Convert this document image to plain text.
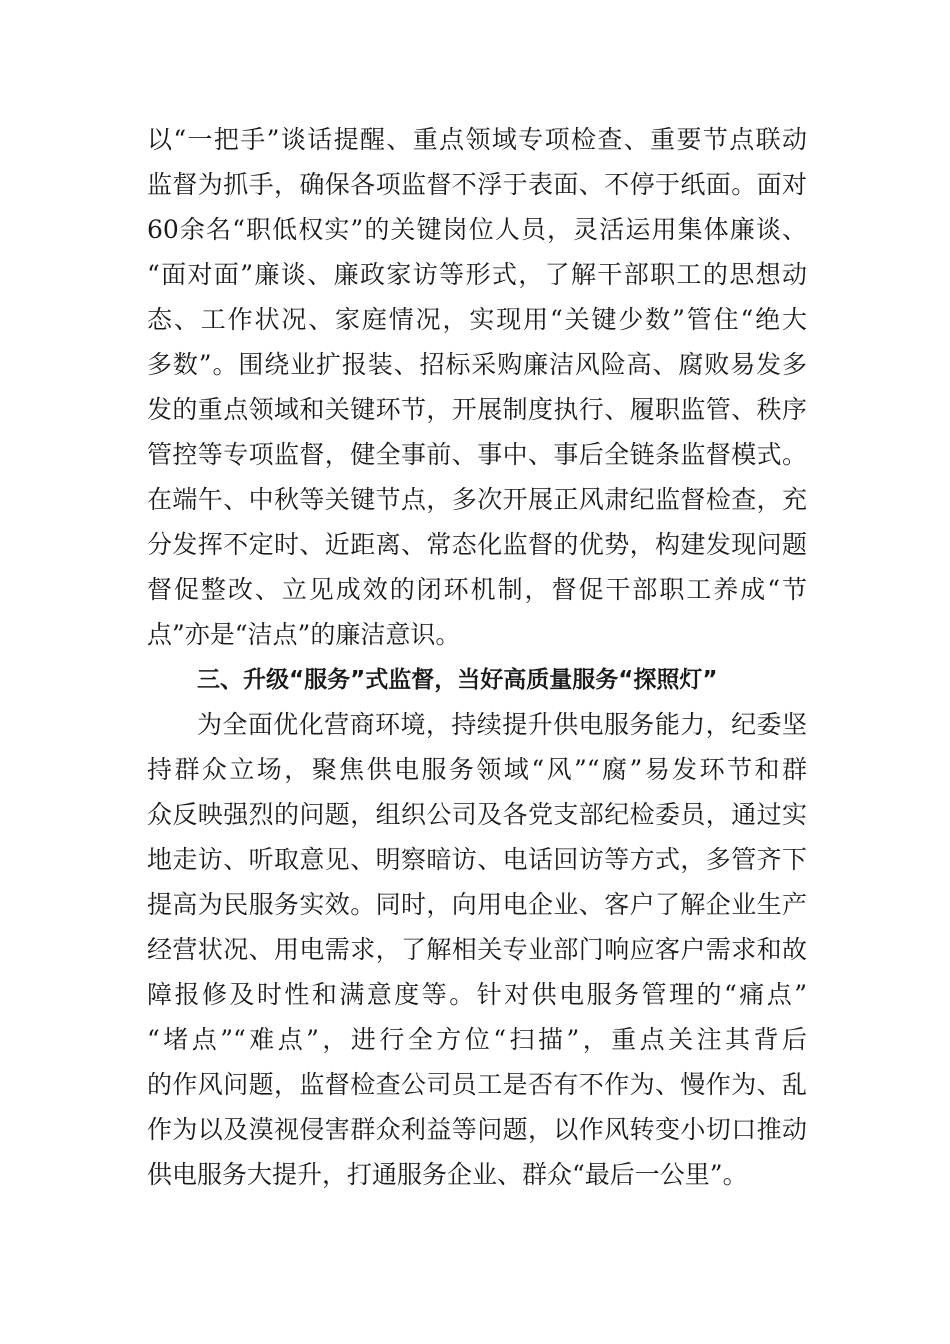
以“一把手”谈话提醒、重点领域专项检查、重要节点联动
监督为抓手，确保各项监督不浮于表面、不停于纸面。面对
60余名“职低权实”的关键岗位人员，灵活运用集体廉谈、
“面对面”廉谈、廉政家访等形式，了解干部职工的思想动
态、工作状况、家庭情况，实现用“关键少数”管住“绝大
多数”。围绕业扩报装、招标采购廉洁风险高、腐败易发多
发的重点领域和关键环节，开展制度执行、履职监管、秩序
管控等专项监督，健全事前、事中、事后全链条监督模式。
在端午、中秋等关键节点，多次开展正风肃纪监督检查，充
分发挥不定时、近距离、常态化监督的优势，构建发现问题
督促整改、立见成效的闭环机制，督促干部职工养成“节
点”亦是“洁点”的廉洁意识。
三、升级“服务”式监督，当好高质量服务“探照灯”
为全面优化营商环境，持续提升供电服务能力，纪委坚
持群众立场，聚焦供电服务领域“风”“腐”易发环节和群
众反映强烈的问题，组织公司及各党支部纪检委员，通过实
地走访、听取意见、明察暗访、电话回访等方式，多管齐下
提高为民服务实效。同时，向用电企业、客户了解企业生产
经营状况、用电需求，了解相关专业部门响应客户需求和故
障报修及时性和满意度等。针对供电服务管理的“痛点”
“堵点”“难点”，进行全方位“扫描”，重点关注其背后
的作风问题，监督检查公司员工是否有不作为、慢作为、乱
作为以及漠视侵害群众利益等问题，以作风转变小切口推动
供电服务大提升，打通服务企业、群众“最后一公里”。
